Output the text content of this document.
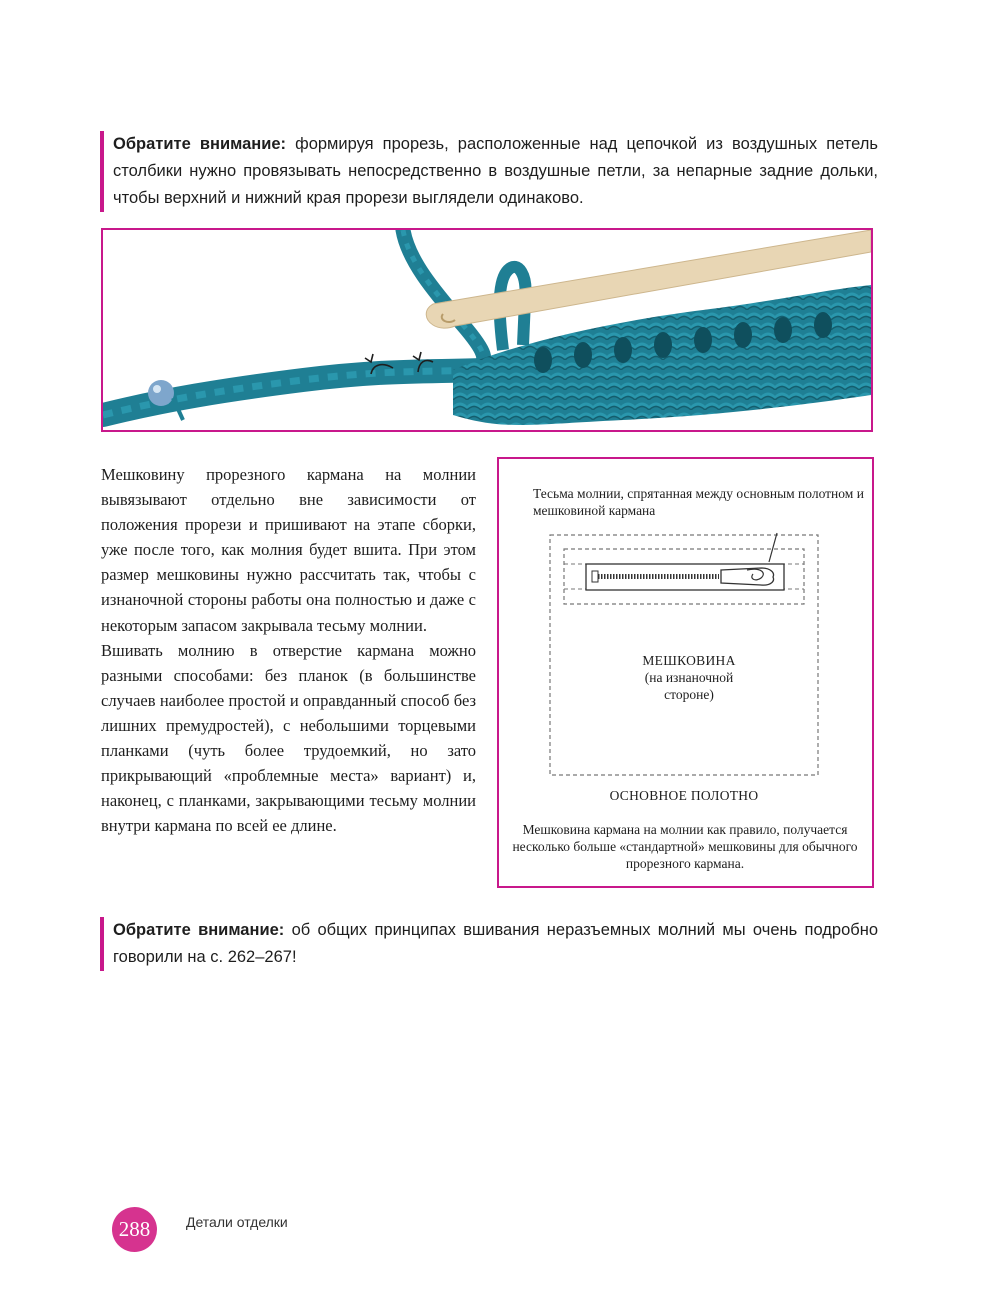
Обратите внимание: формируя прорезь, расположенные над цепочкой из воздушных петель столбики нужно провязывать непосредственно в воздушные петли, за непарные задние дольки, чтобы верхний и нижний края прорези выглядели одинаково.

Мешковину прорезного кармана на молнии вывязывают отдельно вне зависимости от положения прорези и пришивают на этапе сборки, уже после того, как молния будет вшита. При этом размер мешковины нужно рассчитать так, чтобы с изнаночной стороны работы она полностью и даже с некоторым запасом закрывала тесьму молнии.

Вшивать молнию в отверстие кармана можно разными способами: без планок (в большинстве случаев наиболее простой и оправданный способ без лишних премудростей), с небольшими торцевыми планками (чуть более трудоемкий, но зато прикрывающий «проблемные места» вариант) и, наконец, с планками, закрывающими тесьму молнии внутри кармана по всей ее длине.

Тесьма молнии, спрятанная между основным полотном и мешковиной кармана
МЕШКОВИНА
(на изнаночной стороне)
ОСНОВНОЕ ПОЛОТНО
Мешковина кармана на молнии как правило, получается несколько больше «стандартной» мешковины для обычного прорезного кармана.
Обратите внимание: об общих принципах вшивания неразъемных молний мы очень подробно говорили на с. 262–267!
288	Детали отделки
